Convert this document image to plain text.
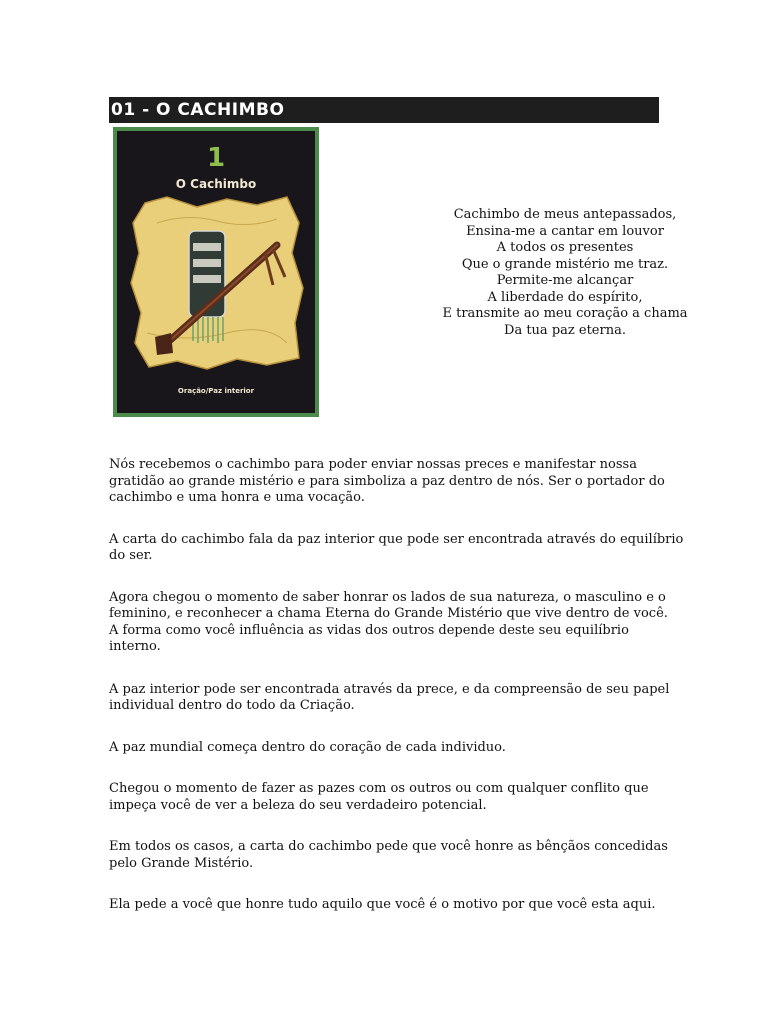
01 - O CACHIMBO
1
O Cachimbo
Oração/Paz interior
Cachimbo de meus antepassados,
Ensina-me a cantar em louvor
A todos os presentes
Que o grande mistério me traz.
Permite-me alcançar
A liberdade do espírito,
E transmite ao meu coração a chama
Da tua paz eterna.

Nós recebemos o cachimbo para poder enviar nossas preces e manifestar nossa
gratidão ao grande mistério e para simboliza a paz dentro de nós. Ser o portador do
cachimbo e uma honra e uma vocação.

A carta do cachimbo fala da paz interior que pode ser encontrada através do equilíbrio
do ser.

Agora chegou o momento de saber honrar os lados de sua natureza, o masculino e o
feminino, e reconhecer a chama Eterna do Grande Mistério que vive dentro de você.
A forma como você influência as vidas dos outros depende deste seu equilíbrio
interno.

A paz interior pode ser encontrada através da prece, e da compreensão de seu papel
individual dentro do todo da Criação.

A paz mundial começa dentro do coração de cada individuo.

Chegou o momento de fazer as pazes com os outros ou com qualquer conflito que
impeça você de ver a beleza do seu verdadeiro potencial.

Em todos os casos, a carta do cachimbo pede que você honre as bênçãos concedidas
pelo Grande Mistério.

Ela pede a você que honre tudo aquilo que você é o motivo por que você esta aqui.
